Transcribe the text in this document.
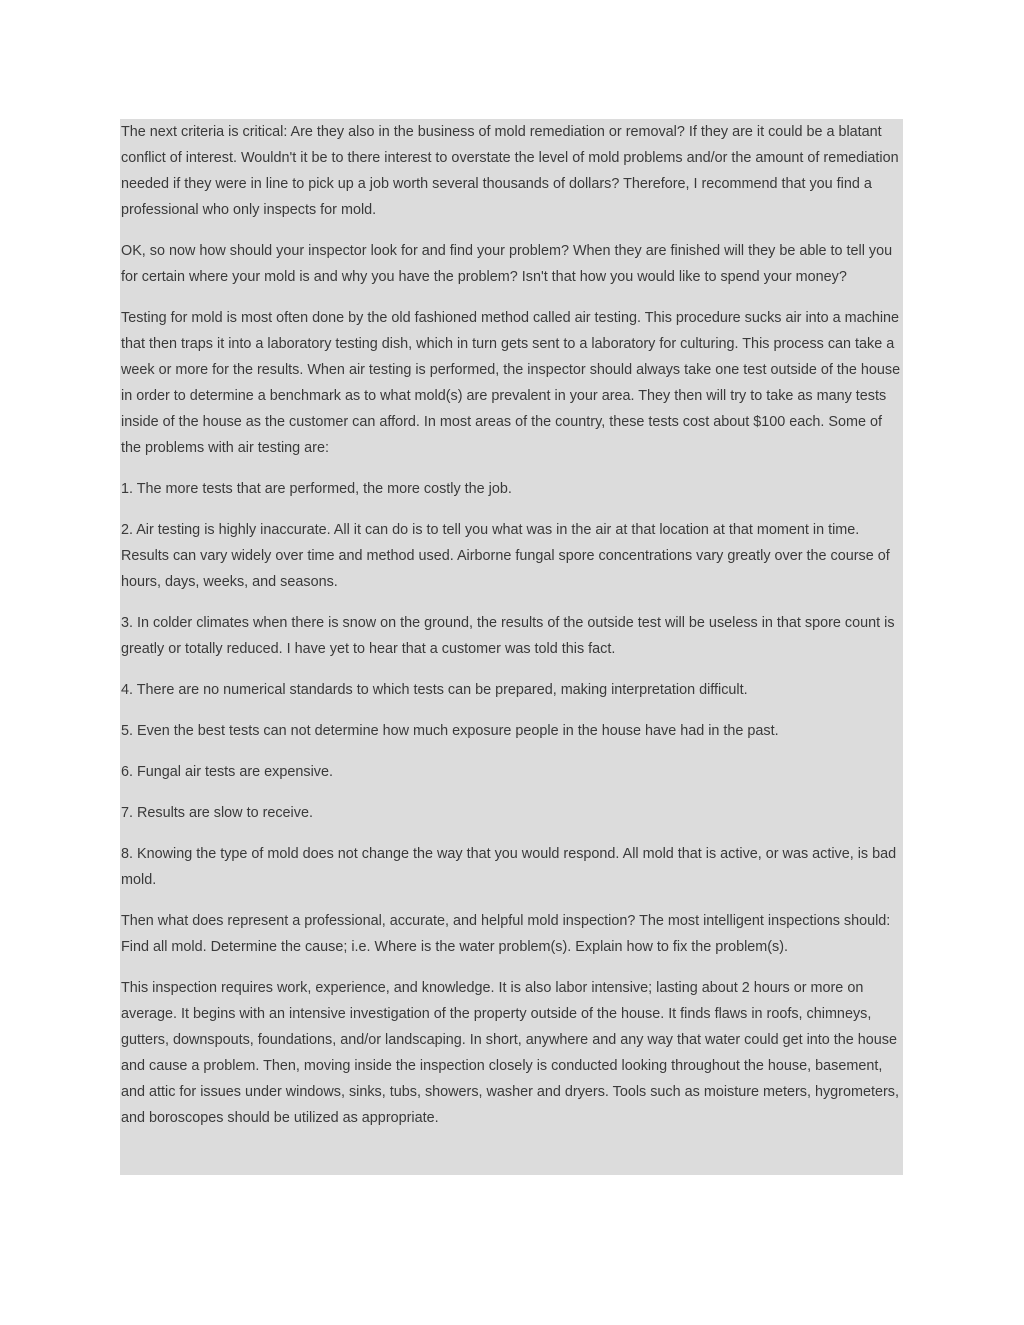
The next criteria is critical: Are they also in the business of mold remediation or removal? If they are it could be a blatant conflict of interest. Wouldn't it be to there interest to overstate the level of mold problems and/or the amount of remediation needed if they were in line to pick up a job worth several thousands of dollars? Therefore, I recommend that you find a professional who only inspects for mold.

OK, so now how should your inspector look for and find your problem? When they are finished will they be able to tell you for certain where your mold is and why you have the problem? Isn't that how you would like to spend your money?

Testing for mold is most often done by the old fashioned method called air testing. This procedure sucks air into a machine that then traps it into a laboratory testing dish, which in turn gets sent to a laboratory for culturing. This process can take a week or more for the results. When air testing is performed, the inspector should always take one test outside of the house in order to determine a benchmark as to what mold(s) are prevalent in your area. They then will try to take as many tests inside of the house as the customer can afford. In most areas of the country, these tests cost about $100 each. Some of the problems with air testing are:

1. The more tests that are performed, the more costly the job.

2. Air testing is highly inaccurate. All it can do is to tell you what was in the air at that location at that moment in time. Results can vary widely over time and method used. Airborne fungal spore concentrations vary greatly over the course of hours, days, weeks, and seasons.

3. In colder climates when there is snow on the ground, the results of the outside test will be useless in that spore count is greatly or totally reduced. I have yet to hear that a customer was told this fact.

4. There are no numerical standards to which tests can be prepared, making interpretation difficult.

5. Even the best tests can not determine how much exposure people in the house have had in the past.

6. Fungal air tests are expensive.

7. Results are slow to receive.

8. Knowing the type of mold does not change the way that you would respond. All mold that is active, or was active, is bad mold.

Then what does represent a professional, accurate, and helpful mold inspection? The most intelligent inspections should: Find all mold. Determine the cause; i.e. Where is the water problem(s). Explain how to fix the problem(s).

This inspection requires work, experience, and knowledge. It is also labor intensive; lasting about 2 hours or more on average. It begins with an intensive investigation of the property outside of the house. It finds flaws in roofs, chimneys, gutters, downspouts, foundations, and/or landscaping. In short, anywhere and any way that water could get into the house and cause a problem. Then, moving inside the inspection closely is conducted looking throughout the house, basement, and attic for issues under windows, sinks, tubs, showers, washer and dryers. Tools such as moisture meters, hygrometers, and boroscopes should be utilized as appropriate.
